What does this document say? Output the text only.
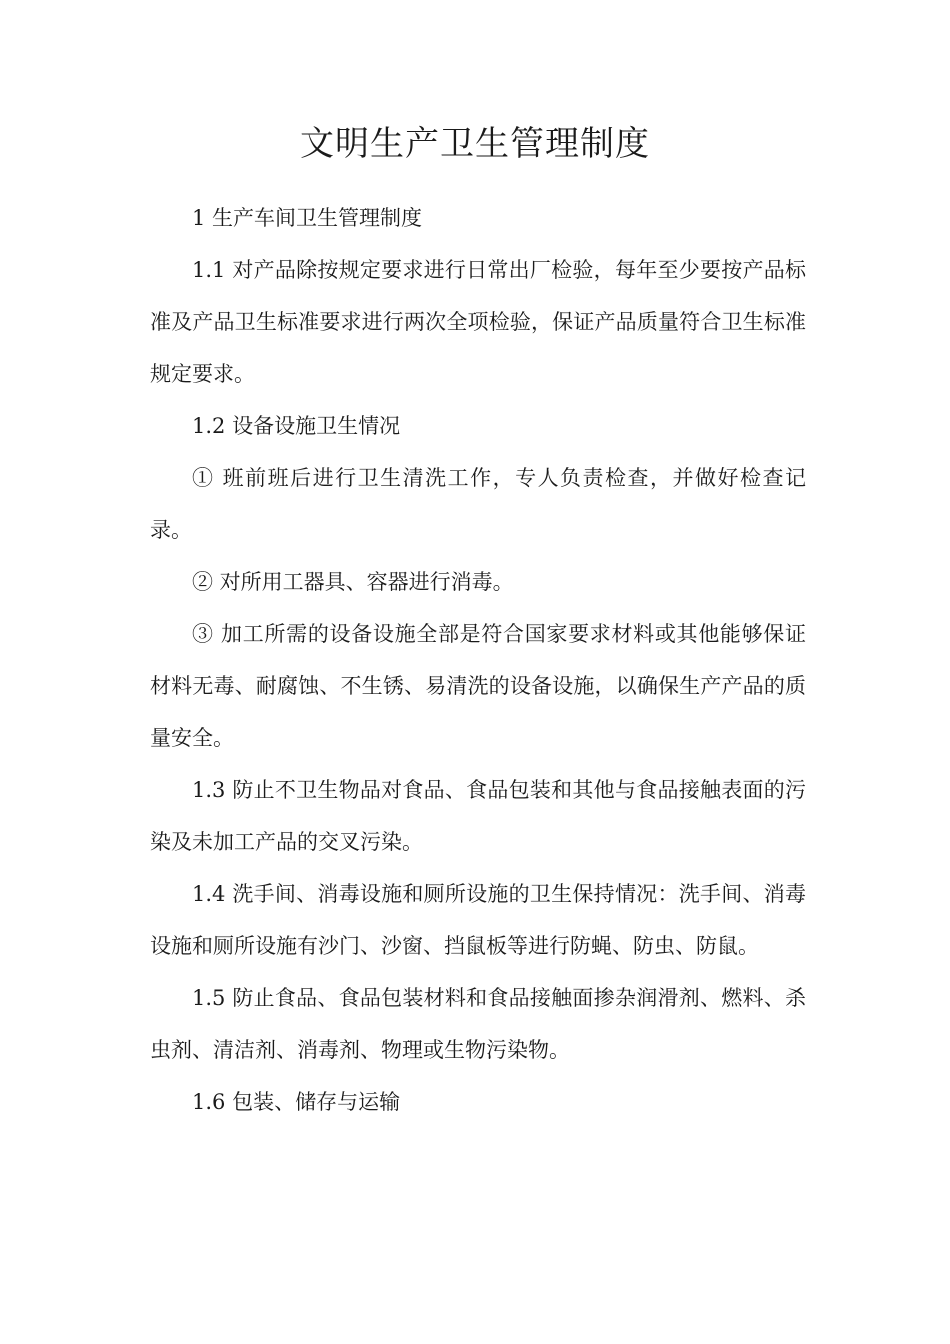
文明生产卫生管理制度

1 生产车间卫生管理制度

1.1 对产品除按规定要求进行日常出厂检验，每年至少要按产品标准及产品卫生标准要求进行两次全项检验，保证产品质量符合卫生标准规定要求。

1.2 设备设施卫生情况

① 班前班后进行卫生清洗工作，专人负责检查，并做好检查记录。

② 对所用工器具、容器进行消毒。

③ 加工所需的设备设施全部是符合国家要求材料或其他能够保证材料无毒、耐腐蚀、不生锈、易清洗的设备设施，以确保生产产品的质量安全。

1.3 防止不卫生物品对食品、食品包装和其他与食品接触表面的污染及未加工产品的交叉污染。

1.4 洗手间、消毒设施和厕所设施的卫生保持情况：洗手间、消毒设施和厕所设施有沙门、沙窗、挡鼠板等进行防蝇、防虫、防鼠。

1.5 防止食品、食品包装材料和食品接触面掺杂润滑剂、燃料、杀虫剂、清洁剂、消毒剂、物理或生物污染物。

1.6 包装、储存与运输
